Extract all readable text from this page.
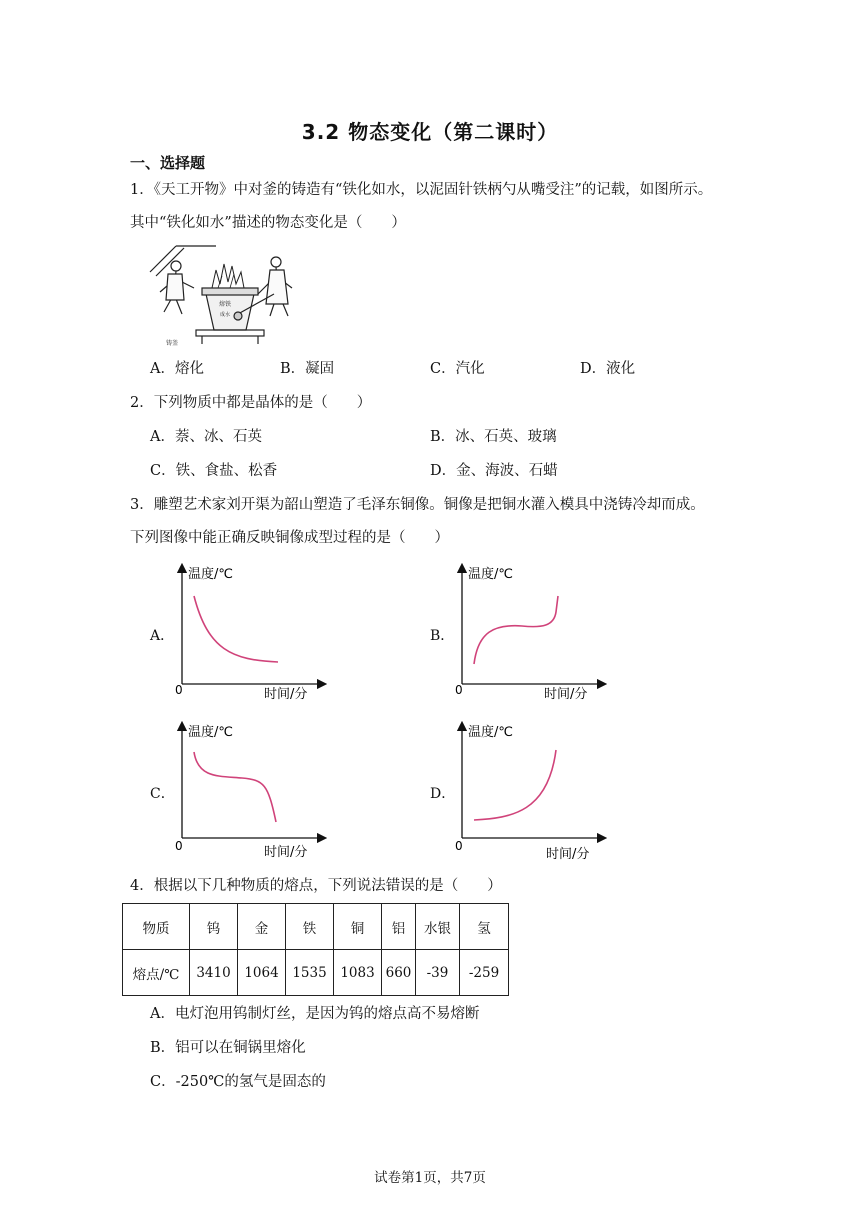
3.2 物态变化（第二课时）
一、选择题
1．《天工开物》中对釜的铸造有“铁化如水，以泥固针铁柄勺从嘴受注”的记载，如图所示。
其中“铁化如水”描述的物态变化是（　　）
熔铁
成水
铸釜
A．熔化	B．凝固	C．汽化	D．液化
2．下列物质中都是晶体的是（　　）
A．萘、冰、石英	B．冰、石英、玻璃
C．铁、食盐、松香	D．金、海波、石蜡
3．雕塑艺术家刘开渠为韶山塑造了毛泽东铜像。铜像是把铜水灌入模具中浇铸冷却而成。
下列图像中能正确反映铜像成型过程的是（　　）
A．
温度/℃
时间/分
0
B．
温度/℃
时间/分
0
C．
温度/℃
时间/分
0
D．
温度/℃
时间/分
0
4．根据以下几种物质的熔点，下列说法错误的是（　　）
物质	钨	金	铁	铜	铝	水银	氢
熔点/℃	3410	1064	1535	1083	660	-39	-259
A．电灯泡用钨制灯丝，是因为钨的熔点高不易熔断
B．铝可以在铜锅里熔化
C．-250℃的氢气是固态的
试卷第1页，共7页
